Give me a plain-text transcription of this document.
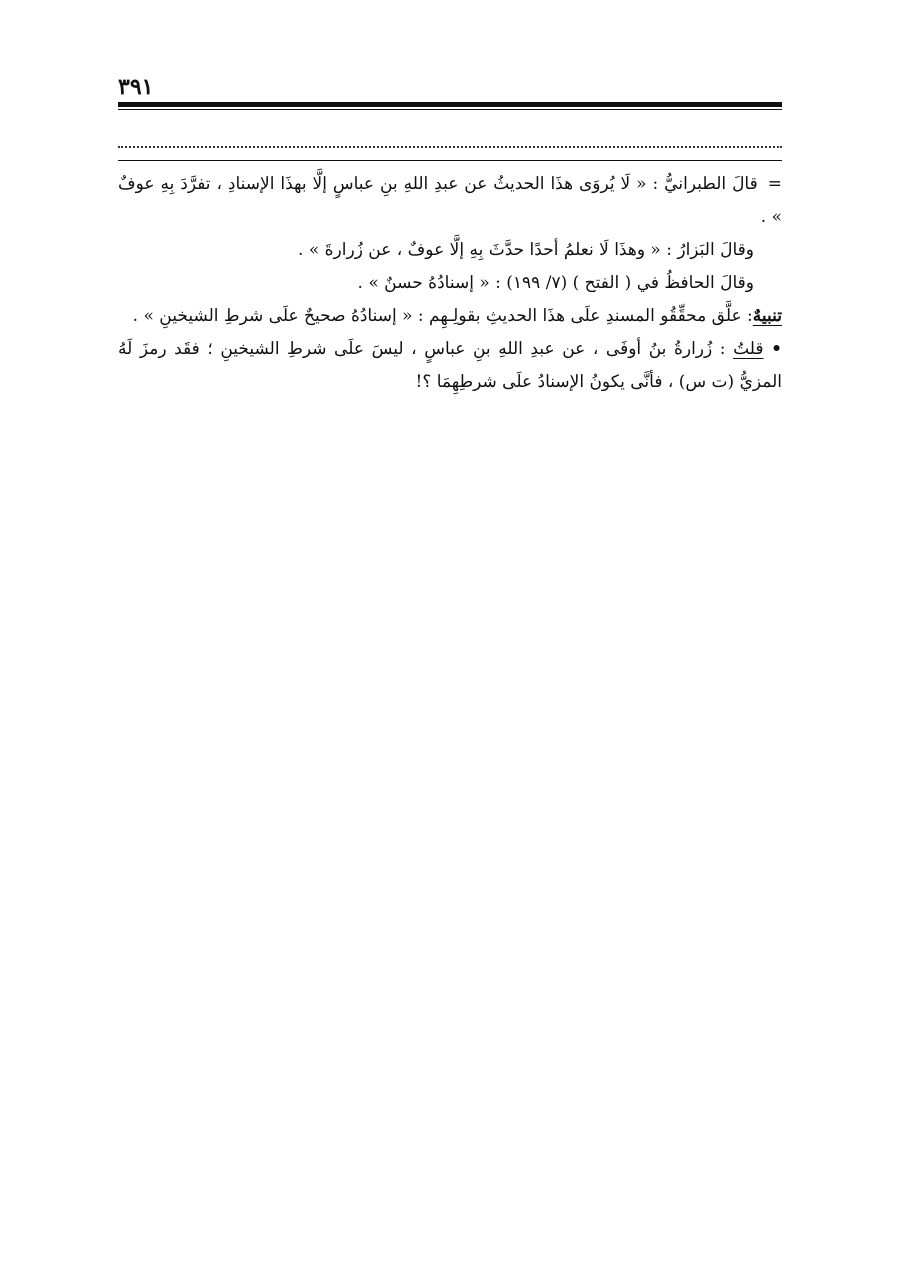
٣٩١

=قالَ الطبرانيُّ : « لَا يُروَى هذَا الحديثُ عن عبدِ اللهِ بنِ عباسٍ إلَّا بهذَا الإسنادِ ، تفرَّدَ بِهِ عوفٌ » .

وقالَ البَزارُ : « وهذَا لَا نعلمُ أحدًا حدَّثَ بِهِ إلَّا عوفٌ ، عن زُرارةَ » .

وقالَ الحافظُ في ( الفتح ) (٧/ ١٩٩) : « إسنادُهُ حسنٌ » .

تنبيهٌ: علَّق محقِّقُو المسندِ علَى هذَا الحديثِ بقولِـهِم : « إسنادُهُ صحيحٌ علَى شرطِ الشيخينِ » .

• قلتُ : زُرارةُ بنُ أوفَى ، عن عبدِ اللهِ بنِ عباسٍ ، ليسَ علَى شرطِ الشيخينِ ؛ فقَد رمزَ لَهُ المزيُّ (ت س) ، فأنَّى يكونُ الإسنادُ علَى شرطِهِمَا ؟!
